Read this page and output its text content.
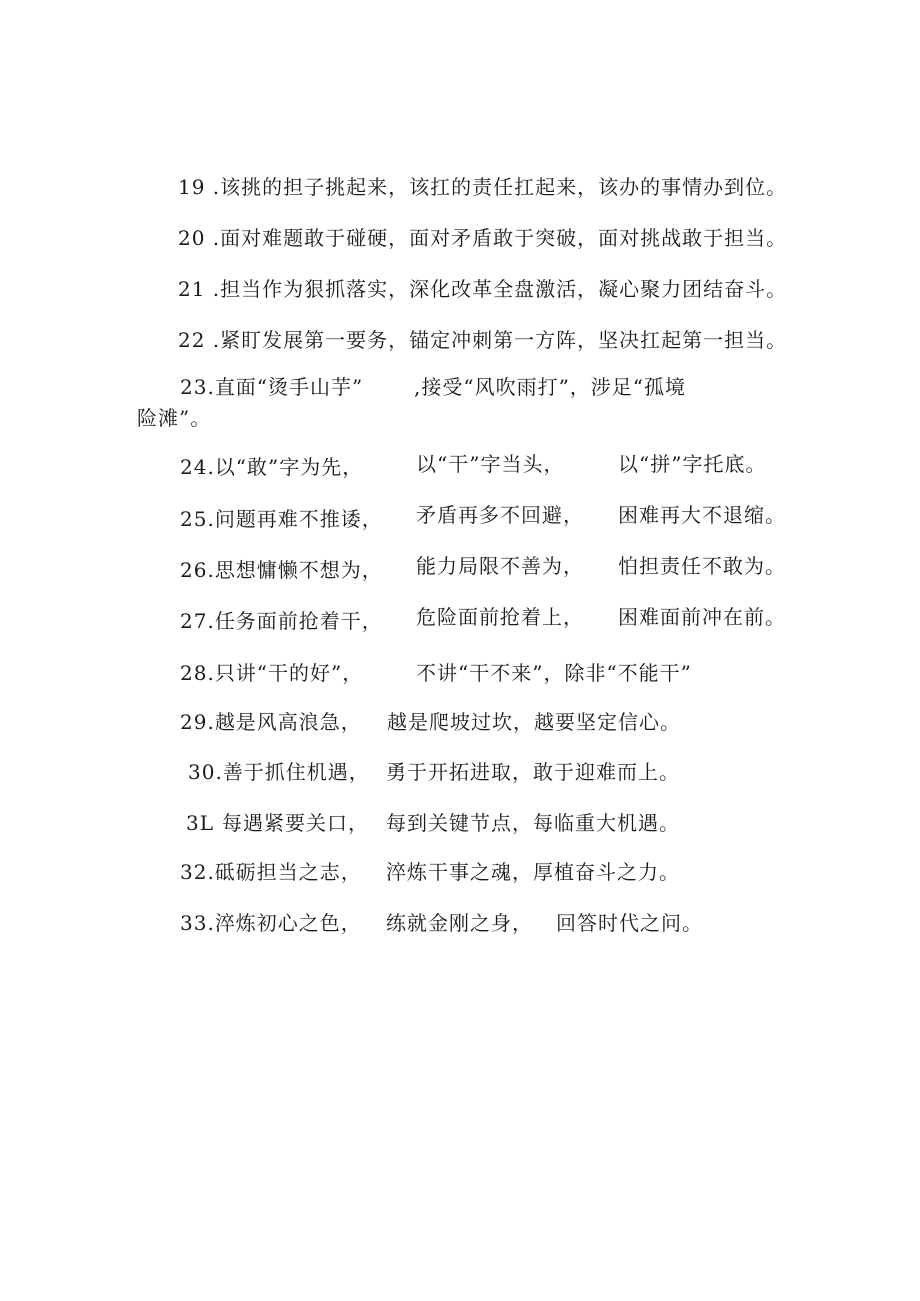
19 .该挑的担子挑起来，该扛的责任扛起来，该办的事情办到位。
20 .面对难题敢于碰硬，面对矛盾敢于突破，面对挑战敢于担当。
21 .担当作为狠抓落实，深化改革全盘激活，凝心聚力团结奋斗。
22 .紧盯发展第一要务，锚定冲刺第一方阵，坚决扛起第一担当。
23.直面“烫手山芋”	,接受“风吹雨打”，涉足“孤境
险滩”。
24.以“敢”字为先，	以“干”字当头，	以“拼”字托底。
25.问题再难不推诿， 矛盾再多不回避， 困难再大不退缩。
26.思想慵懒不想为， 能力局限不善为， 怕担责任不敢为。
27.任务面前抢着干， 危险面前抢着上， 困难面前冲在前。
28.只讲“干的好”，	不讲“干不来”，除非“不能干”
29.越是风高浪急， 越是爬坡过坎，越要坚定信心。
30.善于抓住机遇， 勇于开拓进取，敢于迎难而上。
3L 每遇紧要关口， 每到关键节点，每临重大机遇。
32.砥砺担当之志， 淬炼干事之魂，厚植奋斗之力。
33.淬炼初心之色， 练就金刚之身， 回答时代之问。
